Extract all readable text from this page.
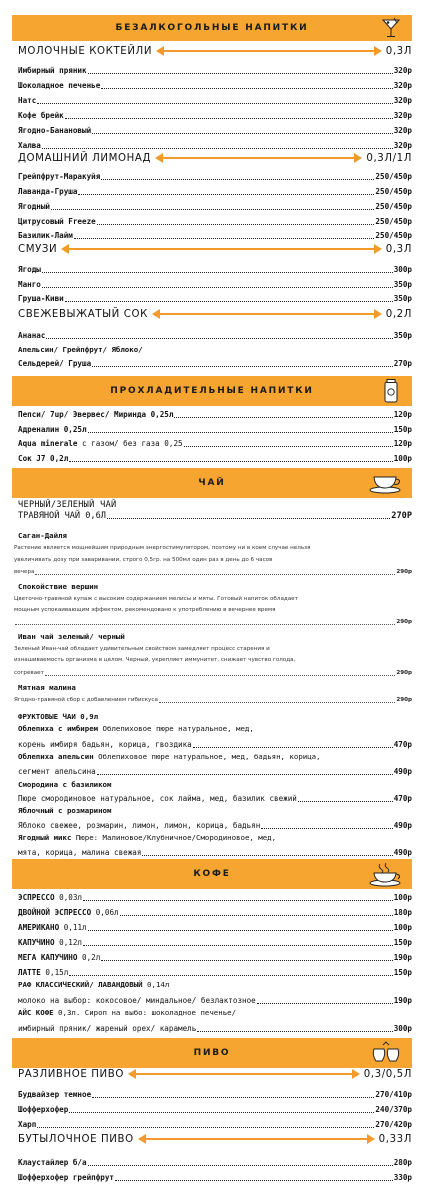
БЕЗАЛКОГОЛЬНЫЕ НАПИТКИ
МОЛОЧНЫЕ КОКТЕЙЛИ	0,3Л
Имбирный пряник	320р
Шоколадное печенье	320р
Натс	320р
Кофе брейк	320р
Ягодно-Банановый	320р
Халва	320р
ДОМАШНИЙ ЛИМОНАД	0,3Л/1Л
Грейпфрут-Маракуйя	250/450р
Лаванда-Груша	250/450р
Ягодный	250/450р
Цитрусовый Freeze	250/450р
Базилик-Лайм	250/450р
СМУЗИ	0,3Л
Ягоды	300р
Манго	350р
Груша-Киви	350р
СВЕЖЕВЫЖАТЫЙ СОК	0,2Л
Ананас	350р
Апельсин/ Грейпфрут/ Яблоко/
Сельдерей/ Груша	270р
ПРОХЛАДИТЕЛЬНЫЕ НАПИТКИ
Пепси/ 7up/ Эвервес/ Миринда 0,25л	120р
Адреналин 0,25л	150р
Aqua minerale с газом/ без газа 0,25	120р
Сок J7 0,2л	100р
ЧАЙ
ЧЕРНЫЙ/ЗЕЛЕНЫЙ ЧАЙ
ТРАВЯНОЙ ЧАЙ 0,6Л	270Р
Саган-Дайля
Растение является мощнейшим природным энергостимулятором, поэтому ни в коем случае нельзя
увеличивать дозу при заваривании, строго 0,5гр. на 500мл один раз в день до 6 часов
вечера	290р
Спокойствие вершин
Цветочно-травяной купаж с высоким содержанием мелисы и мяты. Готовый напиток обладает
мощным успокаивающим эффектом, рекомендовано к употреблению в вечернее время
290р
Иван чай зеленый/ черный
Зеленый Иван-чай обладает удивительным свойством замедляет процесс старения и
изнашиваемость организма в целом. Черный, укрепляет иммунитет, снижает чувство голода,
согревает	290р
Мятная малина
Ягодно-травяной сбор с добавлением гибискуса	290р
ФРУКТОВЫЕ ЧАИ 0,9л
Облепиха с имбирем Облепиховое пюре натуральное, мед,
корень имбиря бадьян, корица, гвоздика	470р
Облепиха апельсин Облепиховое пюре натуральное, мед, бадьян, корица,
сегмент апельсина	490р
Смородина с базиликом
Пюре смородиновое натуральное, сок лайма, мед, базилик свежий	470р
Яблочный с розмарином
Яблоко свежее, розмарин, лимон, лимон, корица, бадьян	490р
Ягодный микс Пюре: Малиновое/Клубничное/Смородиновое, мед,
мята, корица, малина свежая	490р
КОФЕ
ЭСПРЕССО 0,03л	100р
ДВОЙНОЙ ЭСПРЕССО 0,06л	180р
АМЕРИКАНО 0,11л	100р
КАПУЧИНО 0,12л	150р
МЕГА КАПУЧИНО 0,2л	190р
ЛАТТЕ 0,15л	150р
РАФ КЛАССИЧЕСКИЙ/ ЛАВАНДОВЫЙ 0,14л
молоко на выбор: кокосовое/ миндальное/ безлактозное	190р
АЙС КОФЕ 0,3л. Сироп на выбо: шоколадное печенье/
имбирный пряник/ жареный орех/ карамель	300р
ПИВО
РАЗЛИВНОЕ ПИВО	0,3/0,5Л
Будвайзер темное	270/410р
Шофферхофер	240/370р
Харп	270/420р
БУТЫЛОЧНОЕ ПИВО	0,33Л
Клаустайлер б/а	280р
Шофферхофер грейпфрут	330р
